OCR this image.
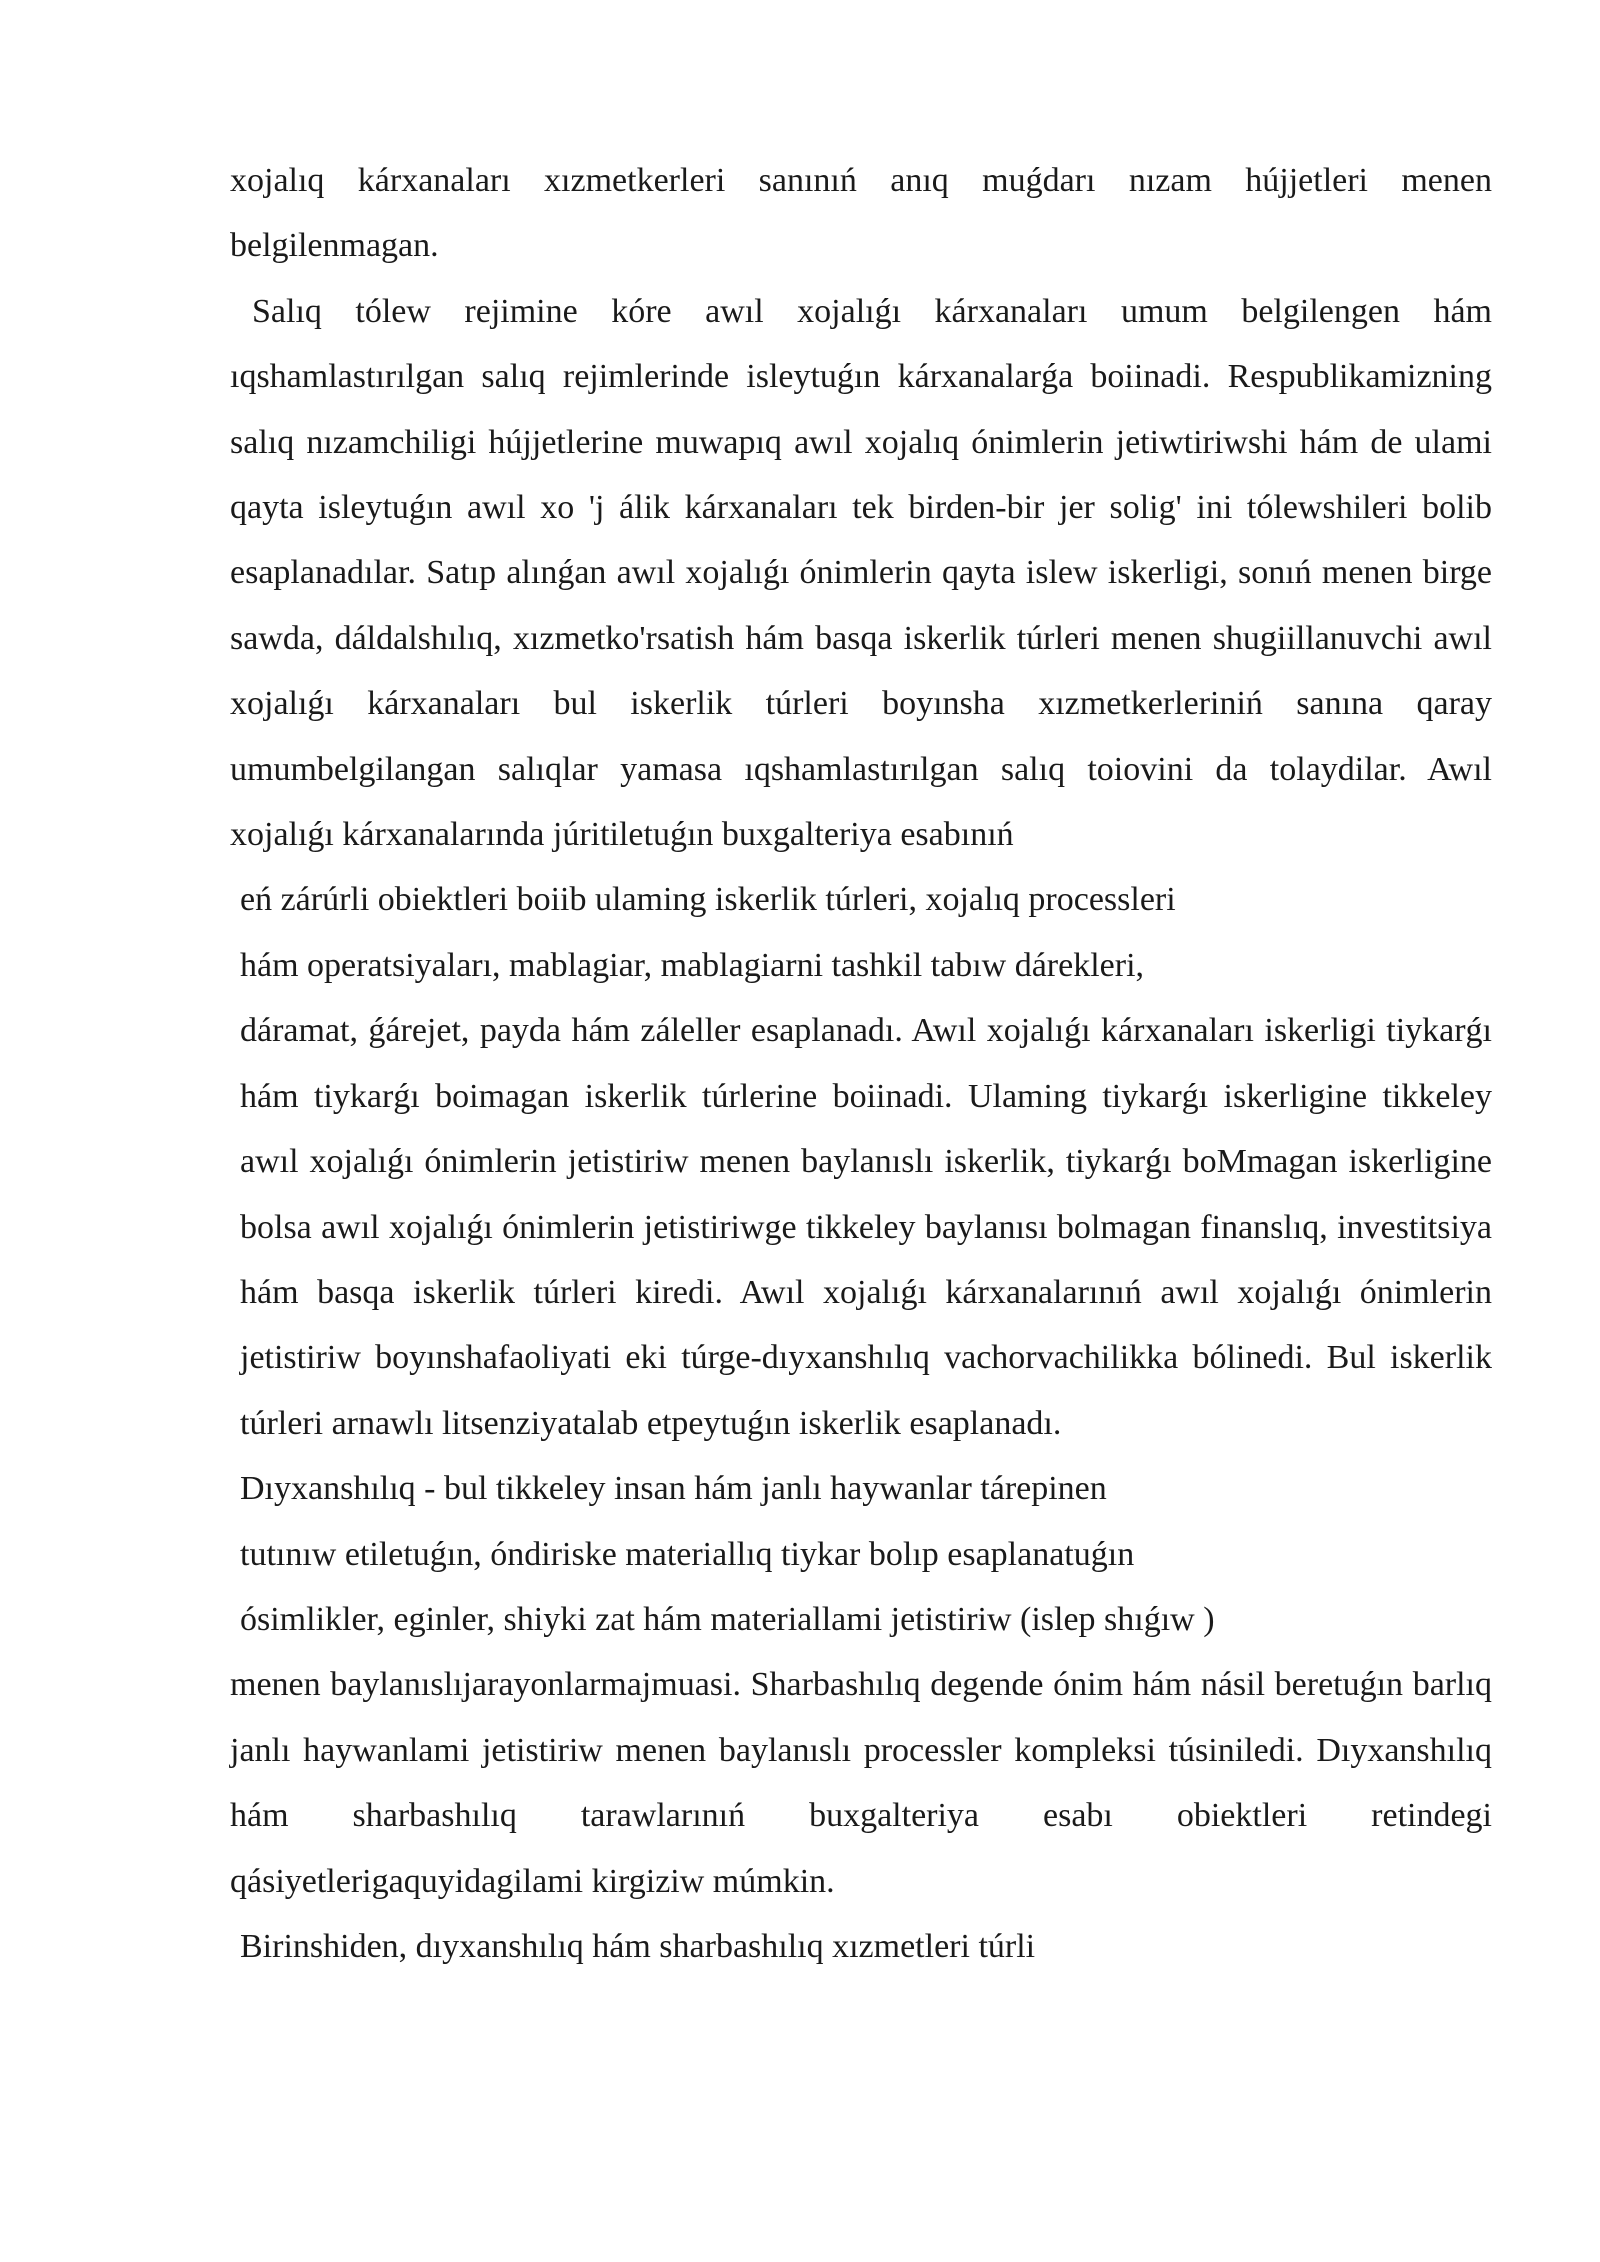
xojalıq kárxanaları xızmetkerleri sanınıń anıq muǵdarı nızam hújjetleri menen belgilenmagan.

Salıq tólew rejimine kóre awıl xojalıǵı kárxanaları umum belgilengen hám ıqshamlastırılgan salıq rejimlerinde isleytuǵın kárxanalarǵa boiinadi. Respublikamizning salıq nızamchiligi hújjetlerine muwapıq awıl xojalıq ónimlerin jetiwtiriwshi hám de ulami qayta isleytuǵın awıl xo 'j álik kárxanaları tek birden-bir jer solig' ini tólewshileri bolib esaplanadılar. Satıp alınǵan awıl xojalıǵı ónimlerin qayta islew iskerligi, sonıń menen birge sawda, dáldalshılıq, xızmetko'rsatish hám basqa iskerlik túrleri menen shugiillanuvchi awıl xojalıǵı kárxanaları bul iskerlik túrleri boyınsha xızmetkerleriniń sanına qaray umumbelgilangan salıqlar yamasa ıqshamlastırılgan salıq toiovini da tolaydilar. Awıl xojalıǵı kárxanalarında júritiletuǵın buxgalteriya esabınıń

eń zárúrli obiektleri boiib ulaming iskerlik túrleri, xojalıq processleri

hám operatsiyaları, mablagiar, mablagiarni tashkil tabıw dárekleri,

dáramat, ǵárejet, payda hám záleller esaplanadı. Awıl xojalıǵı kárxanaları iskerligi tiykarǵı hám tiykarǵı boimagan iskerlik túrlerine boiinadi. Ulaming tiykarǵı iskerligine tikkeley awıl xojalıǵı ónimlerin jetistiriw menen baylanıslı iskerlik, tiykarǵı boMmagan iskerligine bolsa awıl xojalıǵı ónimlerin jetistiriwge tikkeley baylanısı bolmagan finanslıq, investitsiya hám basqa iskerlik túrleri kiredi. Awıl xojalıǵı kárxanalarınıń awıl xojalıǵı ónimlerin jetistiriw boyınshafaoliyati eki túrge-dıyxanshılıq vachorvachilikka bólinedi. Bul iskerlik túrleri arnawlı litsenziyatalab etpeytuǵın iskerlik esaplanadı.

Dıyxanshılıq - bul tikkeley insan hám janlı haywanlar tárepinen

tutınıw etiletuǵın, óndiriske materiallıq tiykar bolıp esaplanatuǵın

ósimlikler, eginler, shiyki zat hám materiallami jetistiriw (islep shıǵıw )

menen baylanıslıjarayonlarmajmuasi. Sharbashılıq degende ónim hám násil beretuǵın barlıq janlı haywanlami jetistiriw menen baylanıslı processler kompleksi túsiniledi. Dıyxanshılıq hám sharbashılıq tarawlarınıń buxgalteriya esabı obiektleri retindegi qásiyetlerigaquyidagilami kirgiziw múmkin.

Birinshiden, dıyxanshılıq hám sharbashılıq xızmetleri túrli
